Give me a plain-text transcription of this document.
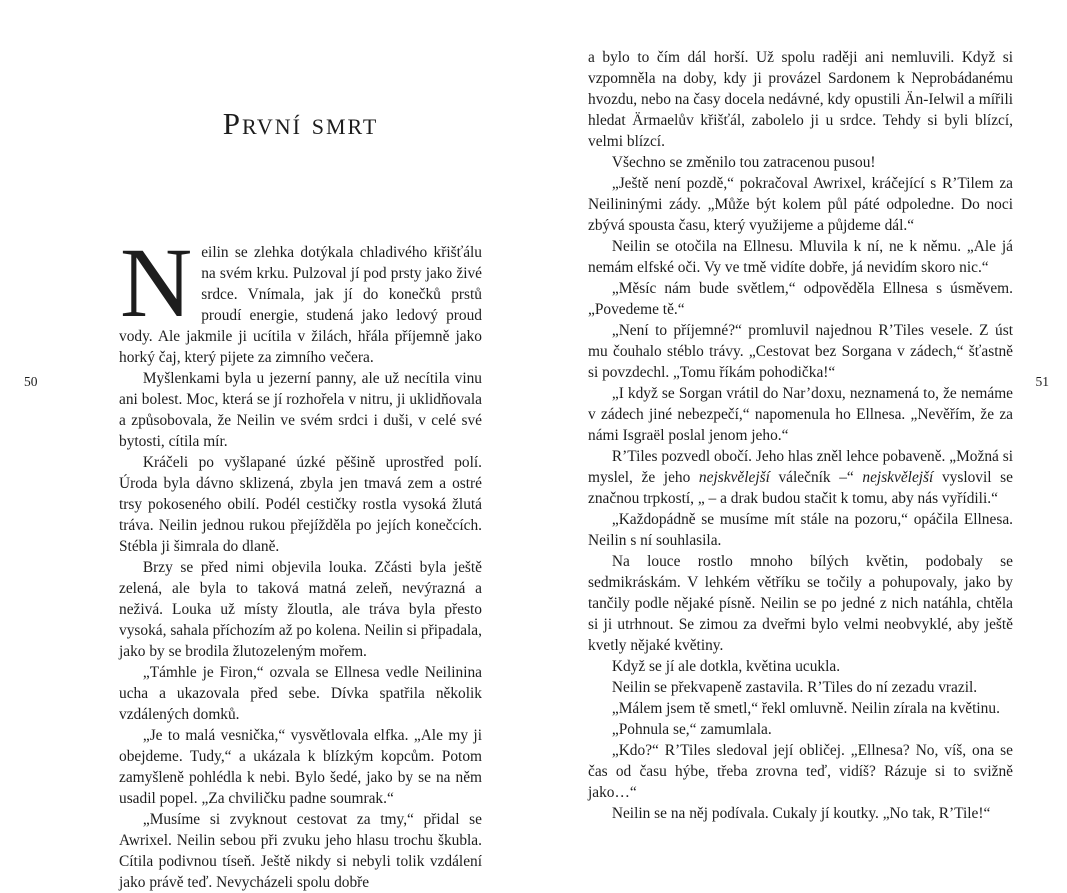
50
První smrt

Neilin se zlehka dotýkala chladivého křišťálu na svém krku. Pulzoval jí pod prsty jako živé srdce. Vnímala, jak jí do konečků prstů proudí energie, studená jako ledový proud vody. Ale jakmile ji ucítila v žilách, hřála příjemně jako horký čaj, který pijete za zimního večera.

Myšlenkami byla u jezerní panny, ale už necítila vinu ani bolest. Moc, která se jí rozhořela v nitru, ji uklidňovala a způsobovala, že Neilin ve svém srdci i duši, v celé své bytosti, cítila mír.

Kráčeli po vyšlapané úzké pěšině uprostřed polí. Úroda byla dávno sklizená, zbyla jen tmavá zem a ostré trsy pokoseného obilí. Podél cestičky rostla vysoká žlutá tráva. Neilin jednou rukou přejížděla po jejích konečcích. Stébla ji šimrala do dlaně.

Brzy se před nimi objevila louka. Zčásti byla ještě zelená, ale byla to taková matná zeleň, nevýrazná a neživá. Louka už místy žloutla, ale tráva byla přesto vysoká, sahala příchozím až po kolena. Neilin si připadala, jako by se brodila žlutozeleným mořem.

„Támhle je Firon,“ ozvala se Ellnesa vedle Neilinina ucha a ukazovala před sebe. Dívka spatřila několik vzdálených domků.

„Je to malá vesnička,“ vysvětlovala elfka. „Ale my ji obejdeme. Tudy,“ a ukázala k blízkým kopcům. Potom zamyšleně pohlédla k nebi. Bylo šedé, jako by se na něm usadil popel. „Za chviličku padne soumrak.“

„Musíme si zvyknout cestovat za tmy,“ přidal se Awrixel. Neilin sebou při zvuku jeho hlasu trochu škubla. Cítila podivnou tíseň. Ještě nikdy si nebyli tolik vzdálení jako právě teď. Nevycházeli spolu dobře

a bylo to čím dál horší. Už spolu raději ani nemluvili. Když si vzpomněla na doby, kdy ji provázel Sardonem k Neprobádanému hvozdu, nebo na časy docela nedávné, kdy opustili Än-Ielwil a mířili hledat Ärmaelův křišťál, zabolelo ji u srdce. Tehdy si byli blízcí, velmi blízcí.

Všechno se změnilo tou zatracenou pusou!

„Ještě není pozdě,“ pokračoval Awrixel, kráčející s R’Tilem za Neilininými zády. „Může být kolem půl páté odpoledne. Do noci zbývá spousta času, který využijeme a půjdeme dál.“

Neilin se otočila na Ellnesu. Mluvila k ní, ne k němu. „Ale já nemám elfské oči. Vy ve tmě vidíte dobře, já nevidím skoro nic.“

„Měsíc nám bude světlem,“ odpověděla Ellnesa s úsměvem. „Povedeme tě.“

„Není to příjemné?“ promluvil najednou R’Tiles vesele. Z úst mu čouhalo stéblo trávy. „Cestovat bez Sorgana v zádech,“ šťastně si povzdechl. „Tomu říkám pohodička!“

„I když se Sorgan vrátil do Nar’doxu, neznamená to, že nemáme v zádech jiné nebezpečí,“ napomenula ho Ellnesa. „Nevěřím, že za námi Isgraël poslal jenom jeho.“

R’Tiles pozvedl obočí. Jeho hlas zněl lehce pobaveně. „Možná si myslel, že jeho nejskvělejší válečník –“ nejskvělejší vyslovil se značnou trpkostí, „ – a drak budou stačit k tomu, aby nás vyřídili.“

„Každopádně se musíme mít stále na pozoru,“ opáčila Ellnesa. Neilin s ní souhlasila.

Na louce rostlo mnoho bílých květin, podobaly se sedmikráskám. V lehkém větříku se točily a pohupovaly, jako by tančily podle nějaké písně. Neilin se po jedné z nich natáhla, chtěla si ji utrhnout. Se zimou za dveřmi bylo velmi neobvyklé, aby ještě kvetly nějaké květiny.

Když se jí ale dotkla, květina ucukla.

Neilin se překvapeně zastavila. R’Tiles do ní zezadu vrazil.

„Málem jsem tě smetl,“ řekl omluvně. Neilin zírala na květinu.

„Pohnula se,“ zamumlala.

„Kdo?“ R’Tiles sledoval její obličej. „Ellnesa? No, víš, ona se čas od času hýbe, třeba zrovna teď, vidíš? Rázuje si to svižně jako…“

Neilin se na něj podívala. Cukaly jí koutky. „No tak, R’Tile!“

51
